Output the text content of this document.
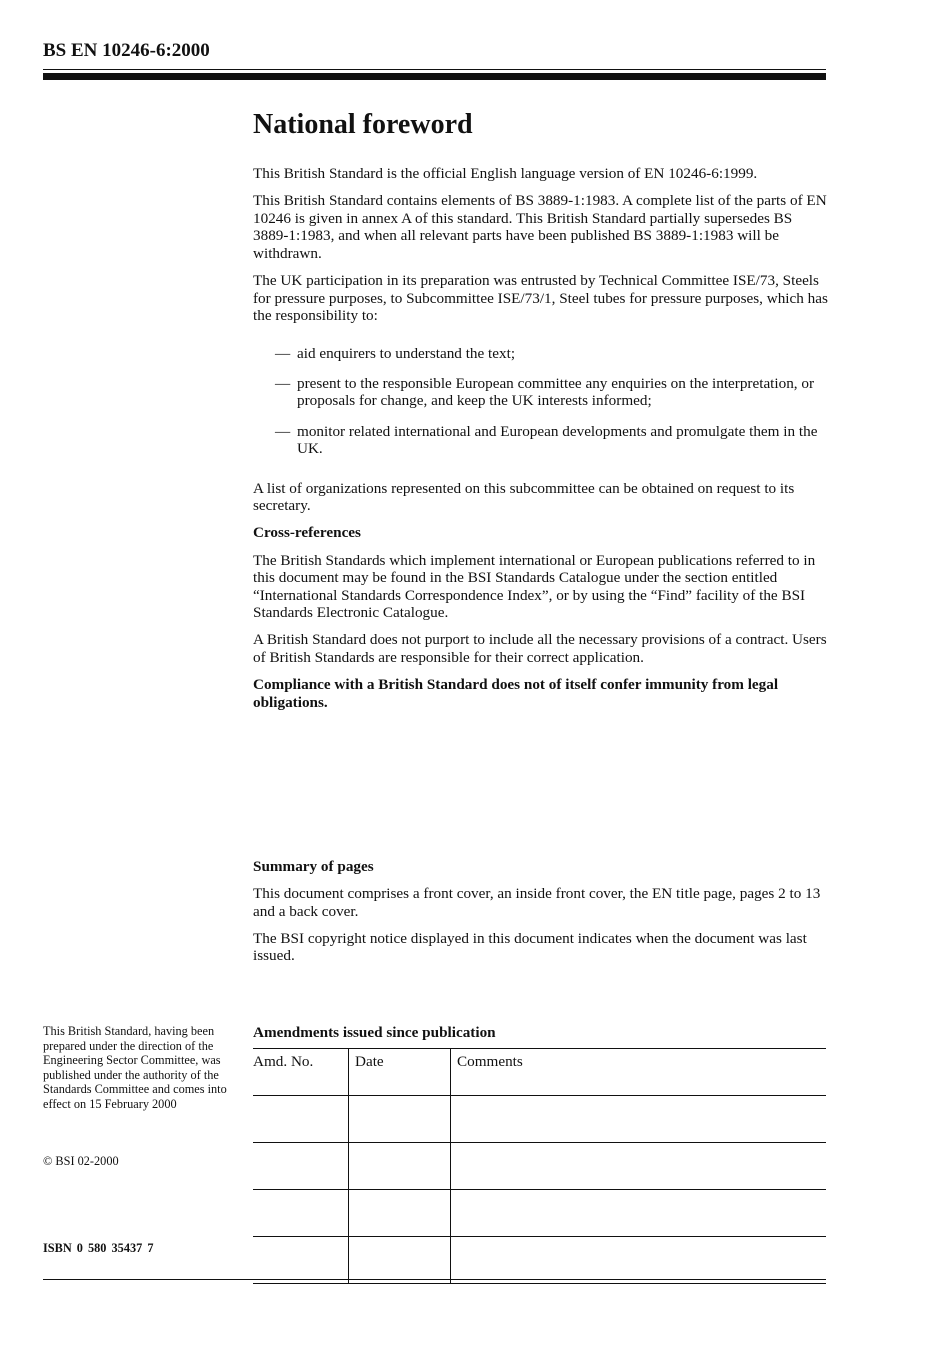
BS EN 10246-6:2000
National foreword

This British Standard is the official English language version of EN 10246-6:1999.

This British Standard contains elements of BS 3889-1:1983. A complete list of the parts of EN 10246 is given in annex A of this standard. This British Standard partially supersedes BS 3889-1:1983, and when all relevant parts have been published BS 3889-1:1983 will be withdrawn.

The UK participation in its preparation was entrusted by Technical Committee ISE/73, Steels for pressure purposes, to Subcommittee ISE/73/1, Steel tubes for pressure purposes, which has the responsibility to:

— aid enquirers to understand the text;
— present to the responsible European committee any enquiries on the interpretation, or proposals for change, and keep the UK interests informed;
— monitor related international and European developments and promulgate them in the UK.

A list of organizations represented on this subcommittee can be obtained on request to its secretary.

Cross-references

The British Standards which implement international or European publications referred to in this document may be found in the BSI Standards Catalogue under the section entitled “International Standards Correspondence Index”, or by using the “Find” facility of the BSI Standards Electronic Catalogue.

A British Standard does not purport to include all the necessary provisions of a contract. Users of British Standards are responsible for their correct application.

Compliance with a British Standard does not of itself confer immunity from legal obligations.

Summary of pages

This document comprises a front cover, an inside front cover, the EN title page, pages 2 to 13 and a back cover.

The BSI copyright notice displayed in this document indicates when the document was last issued.

This British Standard, having been prepared under the direction of the Engineering Sector Committee, was published under the authority of the Standards Committee and comes into effect on 15 February 2000
© BSI 02-2000
ISBN 0 580 35437 7
Amendments issued since publication
Amd. No.	Date	Comments
